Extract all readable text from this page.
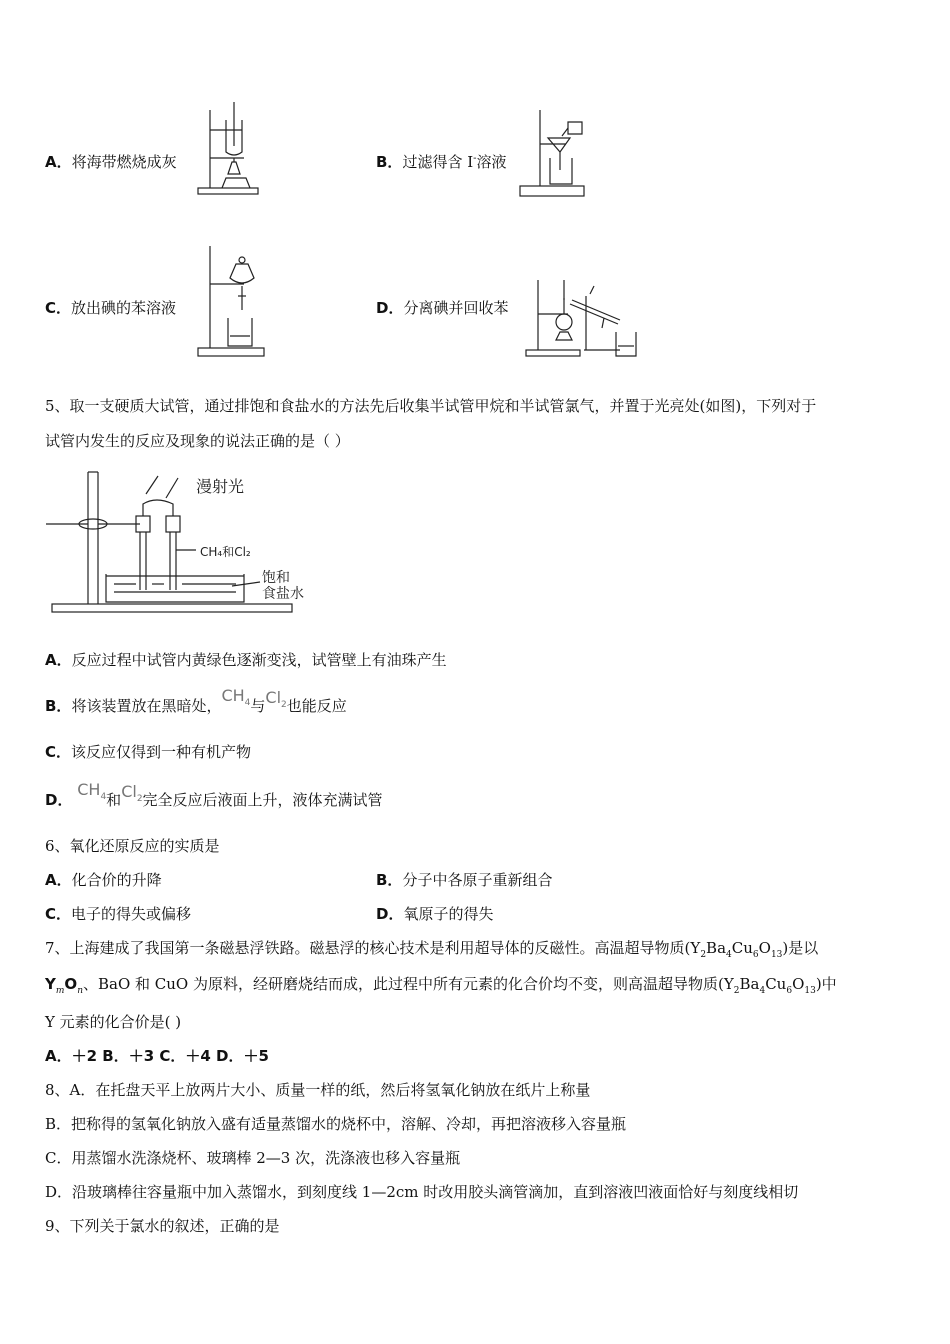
A．将海带燃烧成灰	B．过滤得含 I-溶液
C．放出碘的苯溶液	D．分离碘并回收苯
5、取一支硬质大试管，通过排饱和食盐水的方法先后收集半试管甲烷和半试管氯气，并置于光亮处(如图)，下列对于
试管内发生的反应及现象的说法正确的是（ ）
漫射光
CH₄和Cl₂
饱和
食盐水
A．反应过程中试管内黄绿色逐渐变浅，试管壁上有油珠产生
B．将该装置放在黑暗处，$CH_4$与$Cl_2$也能反应
C．该反应仅得到一种有机产物
D． $CH_4$和$Cl_2$完全反应后液面上升，液体充满试管
6、氧化还原反应的实质是
A．化合价的升降	B．分子中各原子重新组合
C．电子的得失或偏移	D．氧原子的得失
7、上海建成了我国第一条磁悬浮铁路。磁悬浮的核心技术是利用超导体的反磁性。高温超导物质$(Y_2Ba_4Cu_6O_{13})$是以
$Y_mO_n$、BaO 和 CuO 为原料，经研磨烧结而成，此过程中所有元素的化合价均不变，则高温超导物质$(Y_2Ba_4Cu_6O_{13})$中
Y 元素的化合价是( )
A．＋2 B．＋3 C．＋4 D．＋5
8、A．在托盘天平上放两片大小、质量一样的纸，然后将氢氧化钠放在纸片上称量
B．把称得的氢氧化钠放入盛有适量蒸馏水的烧杯中，溶解、冷却，再把溶液移入容量瓶
C．用蒸馏水洗涤烧杯、玻璃棒 2—3 次，洗涤液也移入容量瓶
D．沿玻璃棒往容量瓶中加入蒸馏水，到刻度线 1—2cm 时改用胶头滴管滴加，直到溶液凹液面恰好与刻度线相切
9、下列关于氯水的叙述，正确的是
